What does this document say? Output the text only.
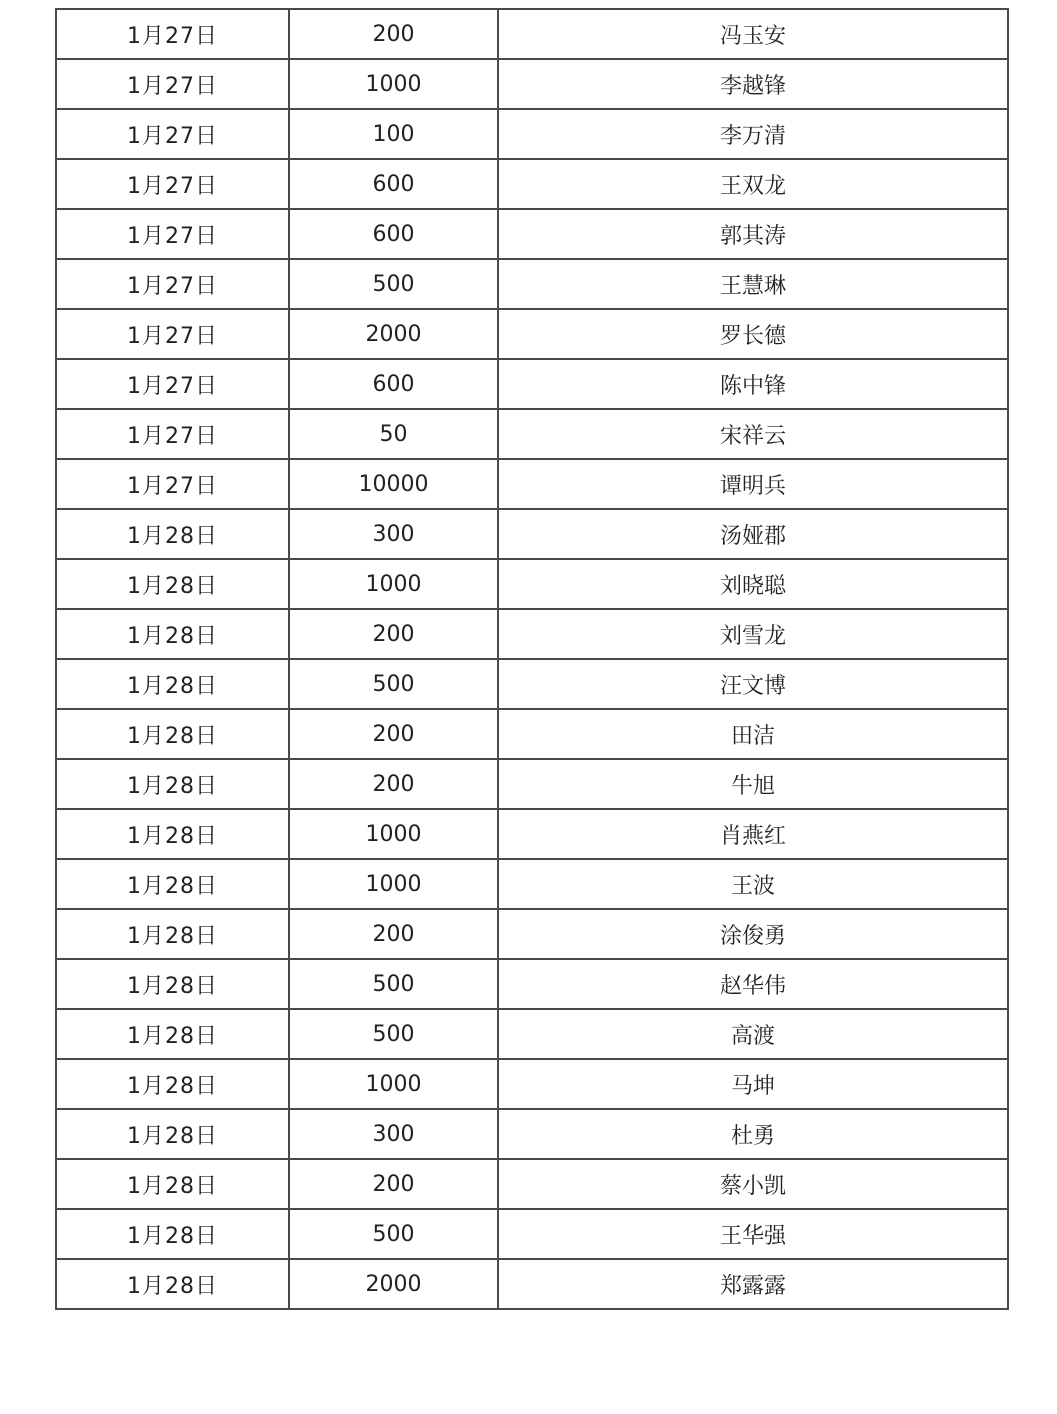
1月27日	200	冯玉安
1月27日	1000	李越锋
1月27日	100	李万清
1月27日	600	王双龙
1月27日	600	郭其涛
1月27日	500	王慧琳
1月27日	2000	罗长德
1月27日	600	陈中锋
1月27日	50	宋祥云
1月27日	10000	谭明兵
1月28日	300	汤娅郡
1月28日	1000	刘晓聪
1月28日	200	刘雪龙
1月28日	500	汪文博
1月28日	200	田洁
1月28日	200	牛旭
1月28日	1000	肖燕红
1月28日	1000	王波
1月28日	200	涂俊勇
1月28日	500	赵华伟
1月28日	500	高渡
1月28日	1000	马坤
1月28日	300	杜勇
1月28日	200	蔡小凯
1月28日	500	王华强
1月28日	2000	郑露露
